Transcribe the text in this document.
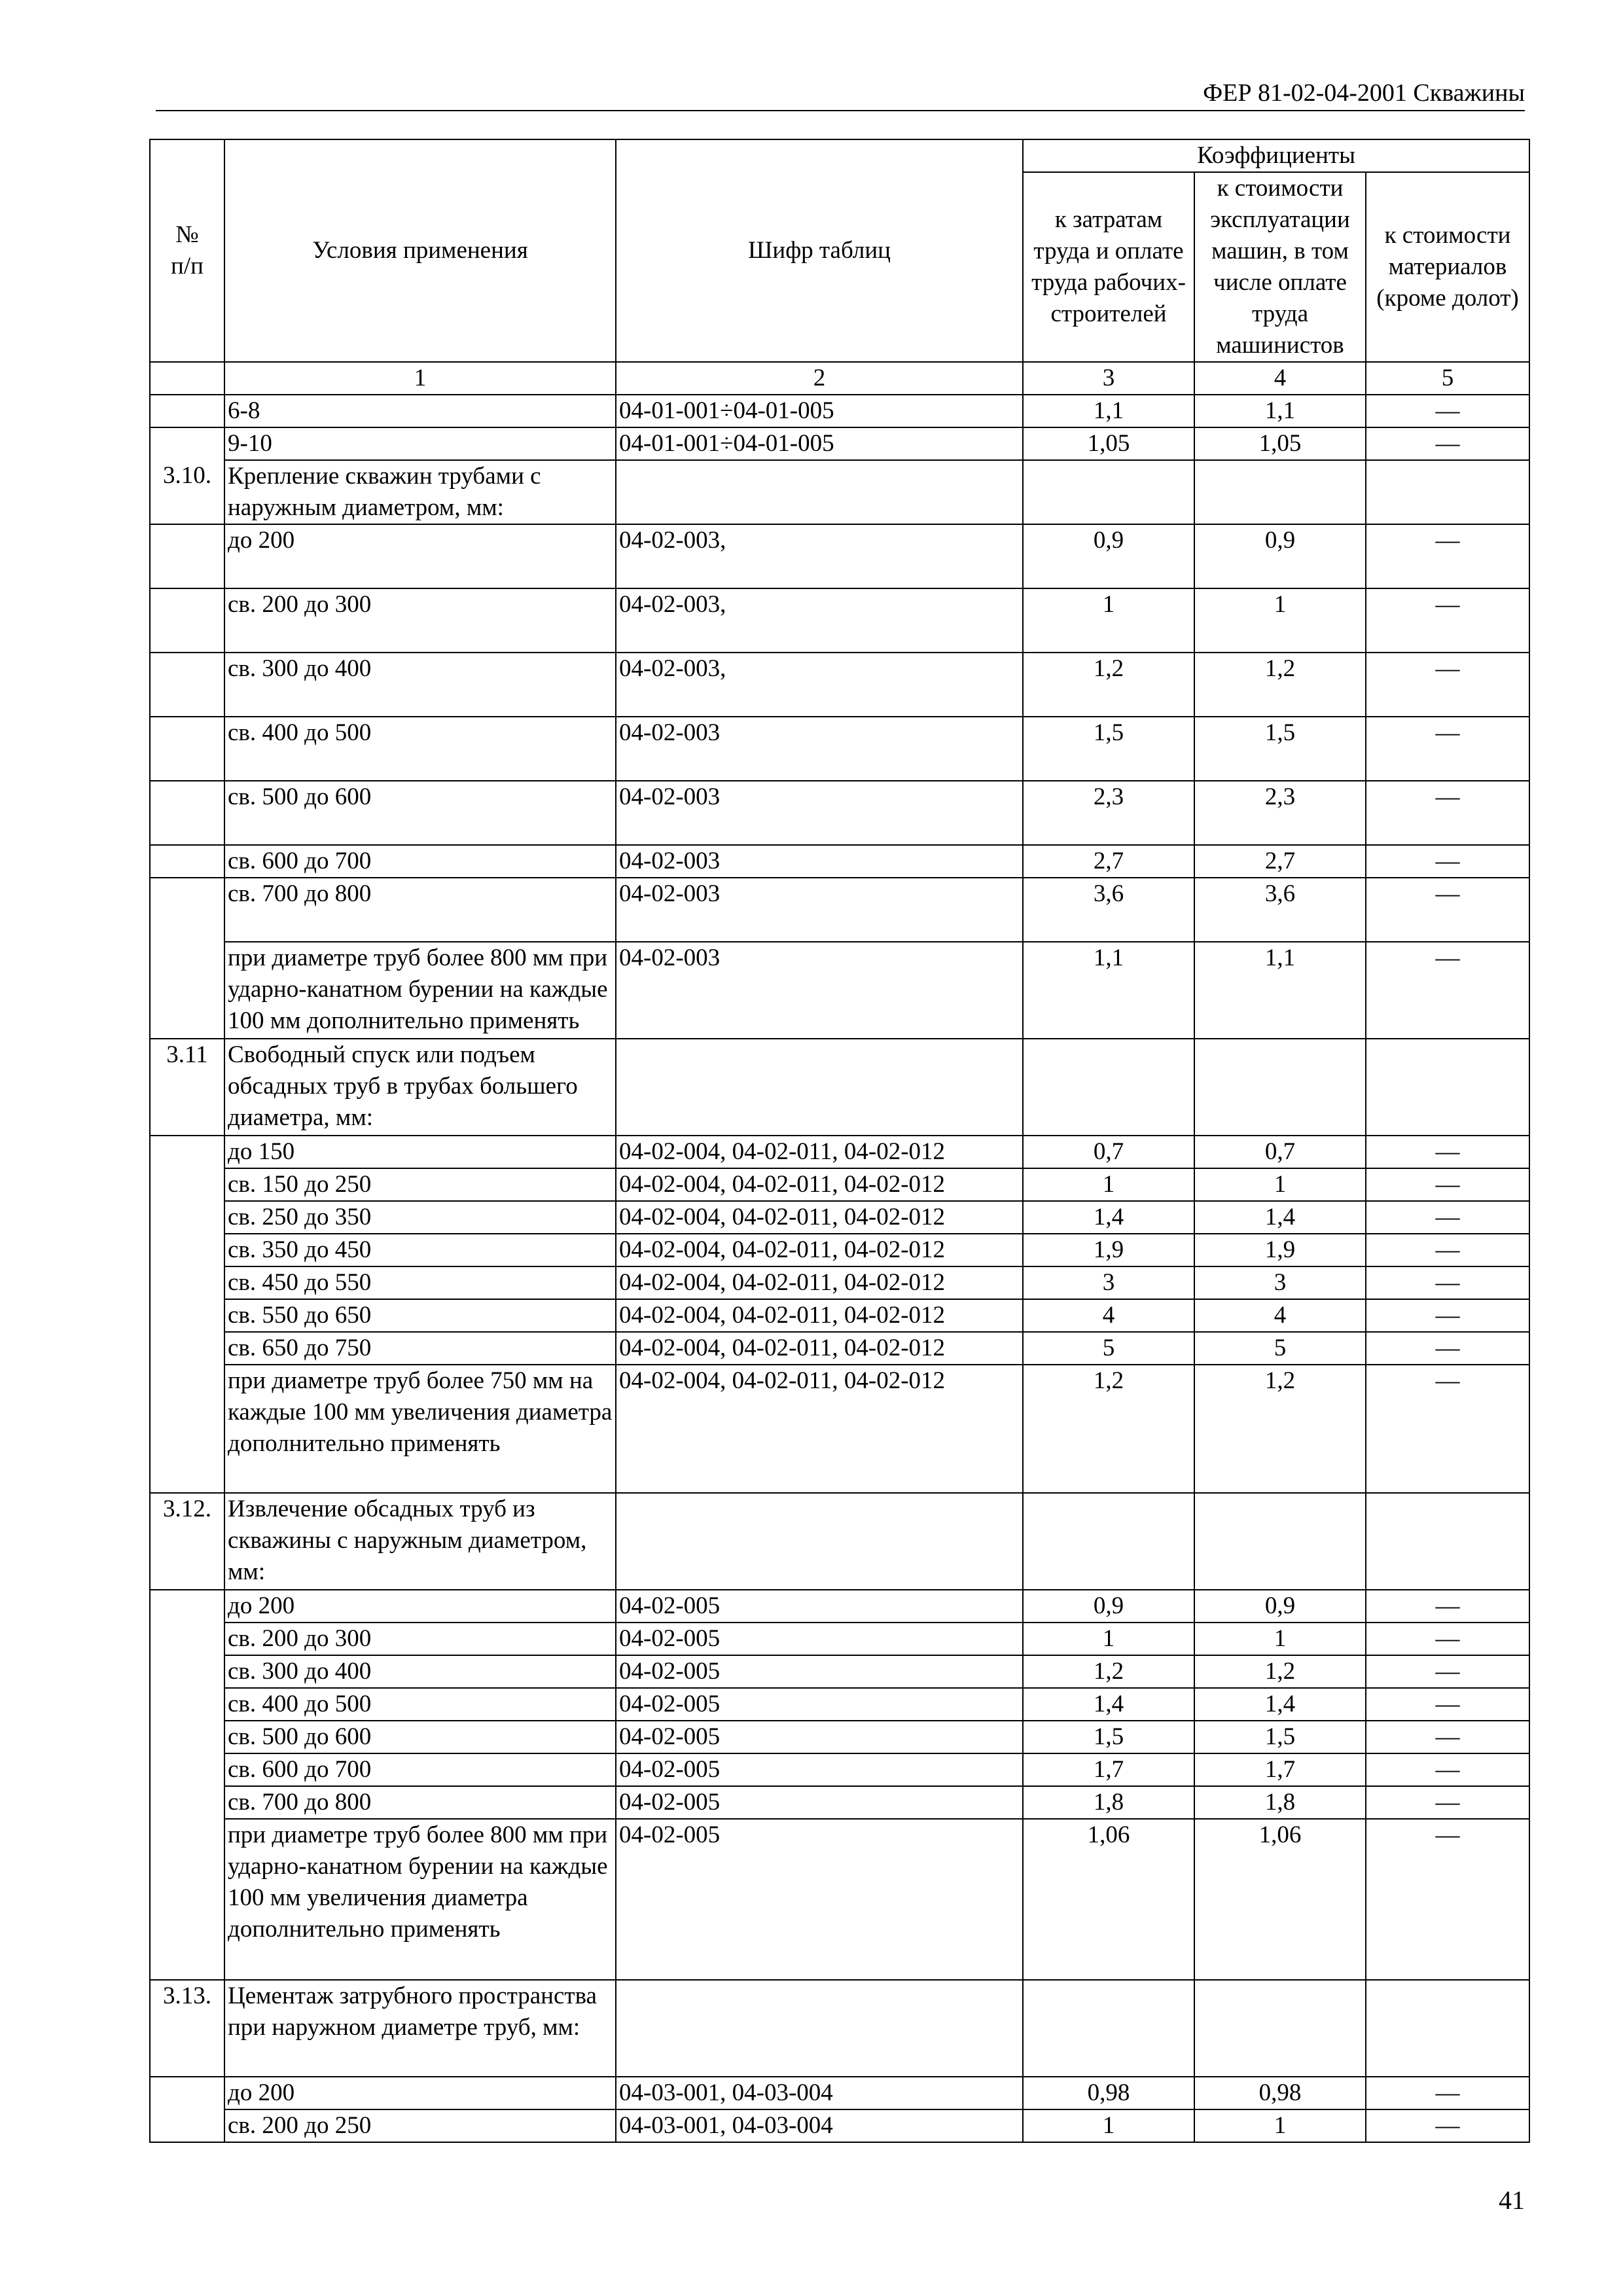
ФЕР 81-02-04-2001 Скважины
№
п/п	Условия применения	Шифр таблиц	Коэффициенты		
			к затратам труда и оплате труда рабочих-строителей	к стоимости эксплуатации машин, в том числе оплате труда машинистов	к стоимости материалов (кроме долот)
	1	2	3	4	5
	6-8	04-01-001÷04-01-005	1,1	1,1	—
	9-10	04-01-001÷04-01-005	1,05	1,05	—
3.10.	Крепление скважин трубами с наружным диаметром, мм:				
	до 200	04-02-003,	0,9	0,9	—
	св. 200 до 300	04-02-003,	1	1	—
	св. 300 до 400	04-02-003,	1,2	1,2	—
	св. 400 до 500	04-02-003	1,5	1,5	—
	св. 500 до 600	04-02-003	2,3	2,3	—
	св. 600 до 700	04-02-003	2,7	2,7	—
	св. 700 до 800	04-02-003	3,6	3,6	—
	при диаметре труб более 800 мм при ударно-канатном бурении на каждые 100 мм дополнительно применять	04-02-003	1,1	1,1	—
3.11	Свободный спуск или подъем обсадных труб в трубах большего диаметра, мм:				
	до 150	04-02-004, 04-02-011, 04-02-012	0,7	0,7	—
	св. 150 до 250	04-02-004, 04-02-011, 04-02-012	1	1	—
	св. 250 до 350	04-02-004, 04-02-011, 04-02-012	1,4	1,4	—
	св. 350 до 450	04-02-004, 04-02-011, 04-02-012	1,9	1,9	—
	св. 450 до 550	04-02-004, 04-02-011, 04-02-012	3	3	—
	св. 550 до 650	04-02-004, 04-02-011, 04-02-012	4	4	—
	св. 650 до 750	04-02-004, 04-02-011, 04-02-012	5	5	—
	при диаметре труб более 750 мм на каждые 100 мм увеличения диаметра дополнительно применять	04-02-004, 04-02-011, 04-02-012	1,2	1,2	—
3.12.	Извлечение обсадных труб из скважины с наружным диаметром, мм:				
	до 200	04-02-005	0,9	0,9	—
	св. 200 до 300	04-02-005	1	1	—
	св. 300 до 400	04-02-005	1,2	1,2	—
	св. 400 до 500	04-02-005	1,4	1,4	—
	св. 500 до 600	04-02-005	1,5	1,5	—
	св. 600 до 700	04-02-005	1,7	1,7	—
	св. 700 до 800	04-02-005	1,8	1,8	—
	при диаметре труб более 800 мм при ударно-канатном бурении на каждые 100 мм увеличения диаметра дополнительно применять	04-02-005	1,06	1,06	—
3.13.	Цементаж затрубного пространства при наружном диаметре труб, мм:				
	до 200	04-03-001, 04-03-004	0,98	0,98	—
	св. 200 до 250	04-03-001, 04-03-004	1	1	—
41
